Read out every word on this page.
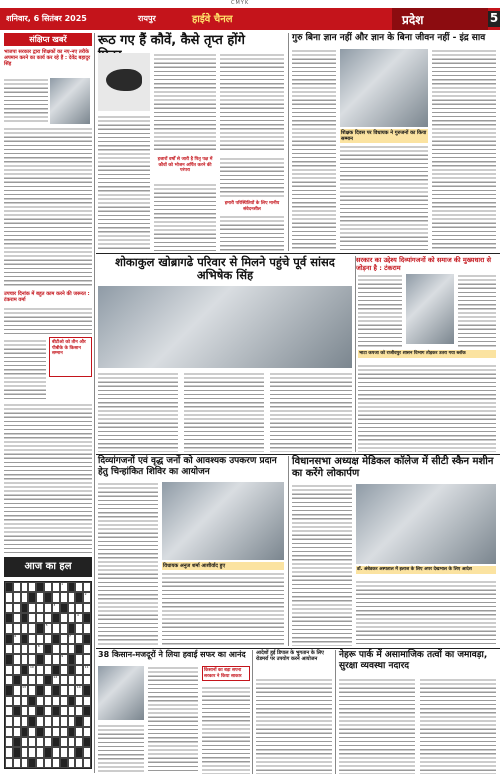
CMYK
शनिवार, 6 सितंबर 2025	रायपुर	हाईवे चैनल	प्रदेश	5
संक्षिप्त खबरें
भाजपा सरकार द्वारा शिक्षकों का नए-नए तरीके अपमान करने का कार्य कर रहे हैं : देवेंद्र बहादुर सिंह
उपचार दिनांक में बहुत काम करने की जरूरत : टंकराम वर्मा
बीटीओ को तीन और पीबीके के किसान सम्मान
आज का हल
1
2
3
4
5
6	7
8
9
10	11
12
13	14
रूठ गए हैं कौवें, कैसे तृप्त होंगे
हजारों वर्षों से जारी है पितृ पक्ष में कौवों को भोजन अर्पित करने की परंपरा
हमारी परिस्थितियों के लिए मानीय संवेदनशील
गुरु बिना ज्ञान नहीं और ज्ञान के बिना जीवन नहीं - इंद्र साव
शिक्षक दिवस पर विधायक ने गुरुजनों का किया सम्मान
शोकाकुल खोब्रागढे परिवार से मिलने पहुंचे पूर्व सांसद अभिषेक सिंह
सरकार का उद्देश्य दिव्यांगजनों को समाज की मुख्यधारा से जोड़ना है : टंकराम
भाटा कपजा को राजीवपुर शासन विभाग तोड़कर उतरा गया ब्लॉक
दिव्यांगजनों एवं वृद्ध जनों को आवश्यक उपकरण प्रदान हेतु चिन्हांकित शिविर का आयोजन
विधायक अनुज शर्मा आशीर्वाद हुए
विधानसभा अध्यक्ष मेडिकल कॉलेज में सीटी स्कैन मशीन का करेंगे लोकार्पण
डॉ. अंबेडकर अस्पताल में इलाज के लिए अपर देखभाल के लिए आदेश
38 किसान-मजदूरों ने लिया हवाई सफर का आनंद
किसानों का बड़ा सपना सरकार ने किया साकार
आदेशों हुई डिपाल के भुगतान के लिए रोडमर्रा पर उपयोग करने आयोजन	नेहरू पार्क में असामाजिक तत्वों का जमावड़ा, सुरक्षा व्यवस्था नदारद
